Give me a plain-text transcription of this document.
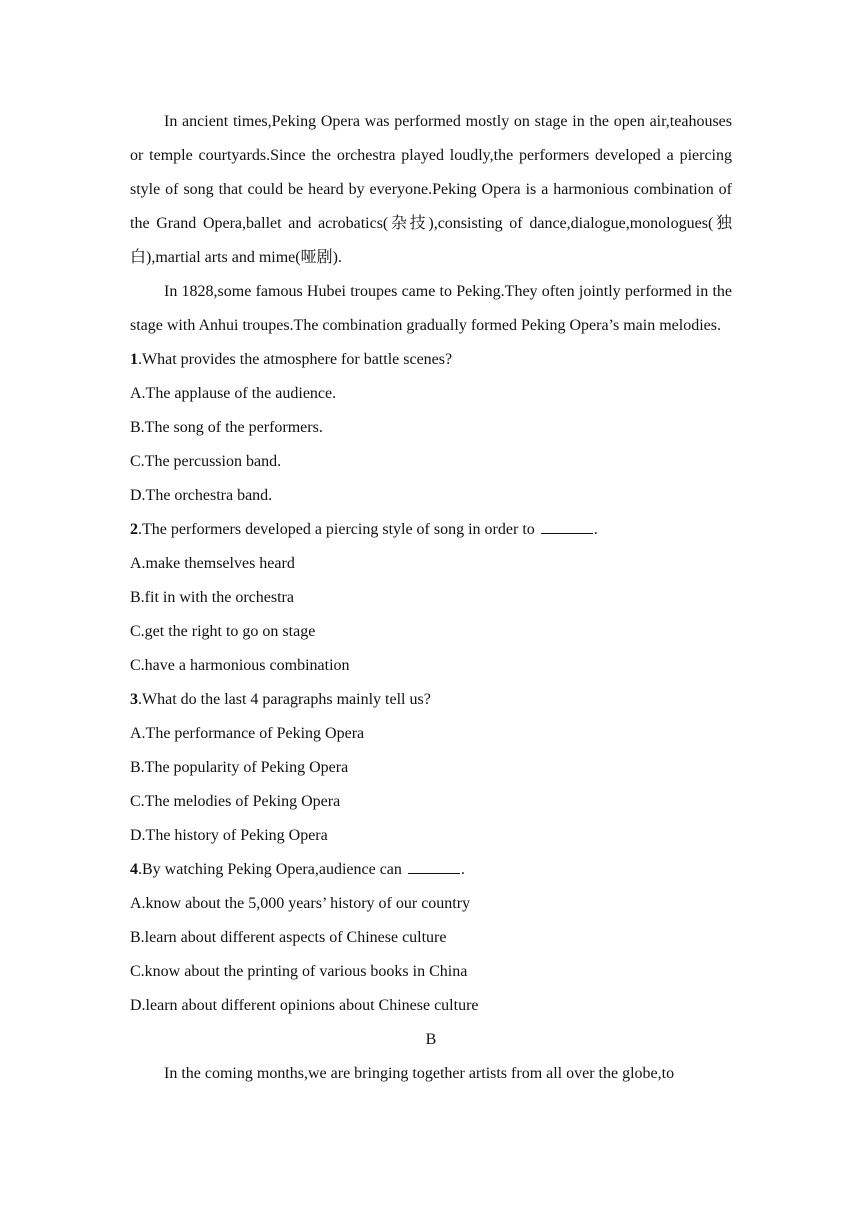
In ancient times,Peking Opera was performed mostly on stage in the open air,teahouses or temple courtyards.Since the orchestra played loudly,the performers developed a piercing style of song that could be heard by everyone.Peking Opera is a harmonious combination of the Grand Opera,ballet and acrobatics(杂技),consisting of dance,dialogue,monologues(独白),martial arts and mime(哑剧).

In 1828,some famous Hubei troupes came to Peking.They often jointly performed in the stage with Anhui troupes.The combination gradually formed Peking Opera’s main melodies.

1.What provides the atmosphere for battle scenes?

A.The applause of the audience.

B.The song of the performers.

C.The percussion band.

D.The orchestra band.

2.The performers developed a piercing style of song in order to	.

A.make themselves heard

B.fit in with the orchestra

C.get the right to go on stage

C.have a harmonious combination

3.What do the last 4 paragraphs mainly tell us?

A.The performance of Peking Opera

B.The popularity of Peking Opera

C.The melodies of Peking Opera

D.The history of Peking Opera

4.By watching Peking Opera,audience can	.

A.know about the 5,000 years’ history of our country

B.learn about different aspects of Chinese culture

C.know about the printing of various books in China

D.learn about different opinions about Chinese culture

B

In the coming months,we are bringing together artists from all over the globe,to
